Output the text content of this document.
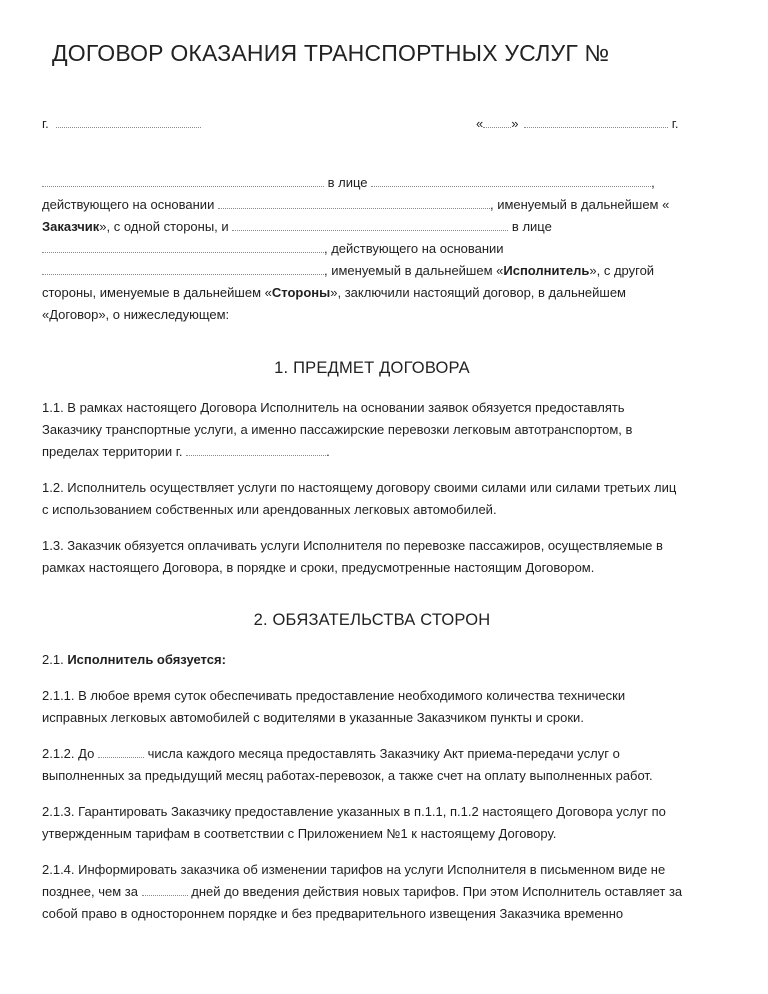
ДОГОВОР ОКАЗАНИЯ ТРАНСПОРТНЫХ УСЛУГ №
г.	« »	г.
в лице	,
действующего на основании	, именуемый в дальнейшем «
Заказчик», с одной стороны, и	в лице
, действующего на основании
, именуемый в дальнейшем «Исполнитель», с другой
стороны, именуемые в дальнейшем «Стороны», заключили настоящий договор, в дальнейшем
«Договор», о нижеследующем:
1. ПРЕДМЕТ ДОГОВОРА
1.1. В рамках настоящего Договора Исполнитель на основании заявок обязуется предоставлять
Заказчику транспортные услуги, а именно пассажирские перевозки легковым автотранспортом, в
пределах территории г.	.
1.2. Исполнитель осуществляет услуги по настоящему договору своими силами или силами третьих лиц
с использованием собственных или арендованных легковых автомобилей.
1.3. Заказчик обязуется оплачивать услуги Исполнителя по перевозке пассажиров, осуществляемые в
рамках настоящего Договора, в порядке и сроки, предусмотренные настоящим Договором.
2. ОБЯЗАТЕЛЬСТВА СТОРОН
2.1. Исполнитель обязуется:
2.1.1. В любое время суток обеспечивать предоставление необходимого количества технически
исправных легковых автомобилей с водителями в указанные Заказчиком пункты и сроки.
2.1.2. До	числа каждого месяца предоставлять Заказчику Акт приема-передачи услуг о
выполненных за предыдущий месяц работах-перевозок, а также счет на оплату выполненных работ.
2.1.3. Гарантировать Заказчику предоставление указанных в п.1.1, п.1.2 настоящего Договора услуг по
утвержденным тарифам в соответствии с Приложением №1 к настоящему Договору.
2.1.4. Информировать заказчика об изменении тарифов на услуги Исполнителя в письменном виде не
позднее, чем за	дней до введения действия новых тарифов. При этом Исполнитель оставляет за
собой право в одностороннем порядке и без предварительного извещения Заказчика временно
